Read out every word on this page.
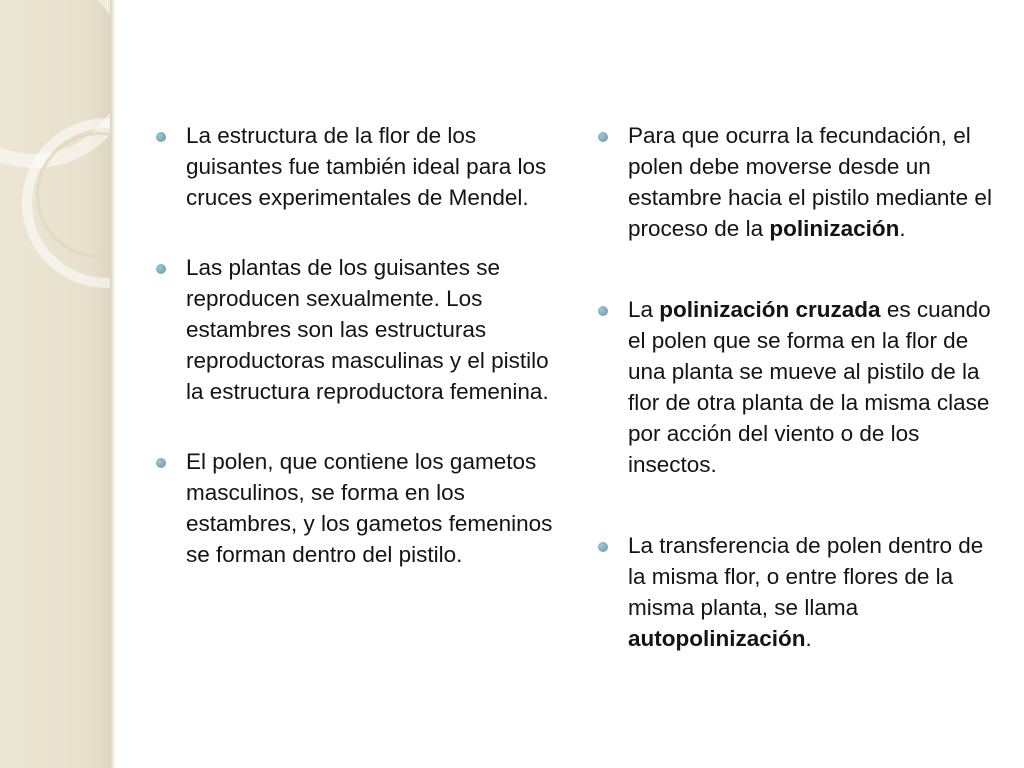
La estructura de la flor de los guisantes fue también ideal para los cruces experimentales de Mendel.
Las plantas de los guisantes se reproducen sexualmente. Los estambres son las estructuras reproductoras masculinas y el pistilo la estructura reproductora femenina.
El polen, que contiene los gametos masculinos, se forma en los estambres, y los gametos femeninos se forman dentro del pistilo.
Para que ocurra la fecundación, el polen debe moverse desde un estambre hacia el pistilo mediante el proceso de la polinización.
La polinización cruzada es cuando el polen que se forma en la flor de una planta se mueve al pistilo de la flor de otra planta de la misma clase por acción del viento o de los insectos.
La transferencia de polen dentro de la misma flor, o entre flores de la misma planta, se llama autopolinización.
